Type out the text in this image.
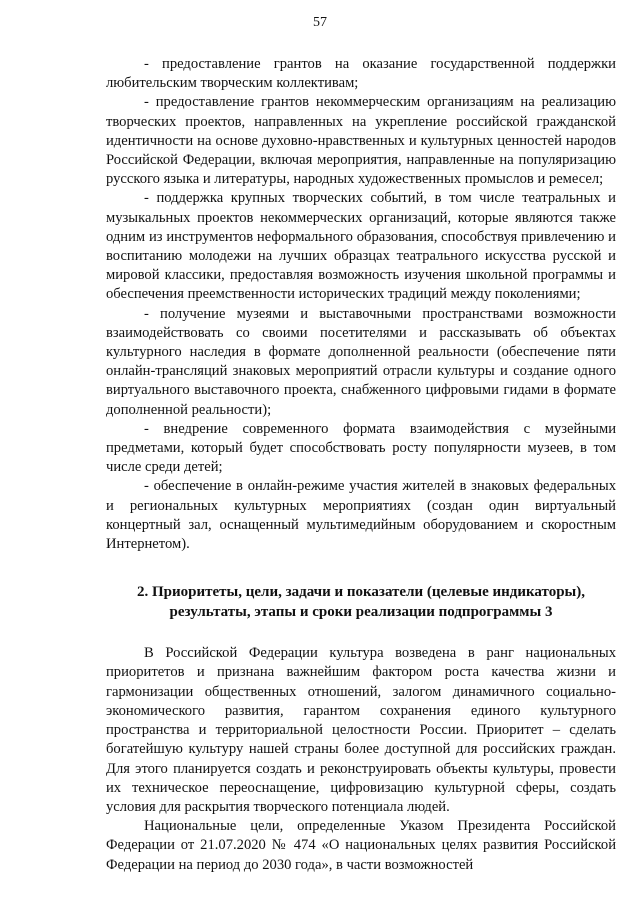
57

- предоставление грантов на оказание государственной поддержки любительским творческим коллективам;

- предоставление грантов некоммерческим организациям на реализацию творческих проектов, направленных на укрепление российской гражданской идентичности на основе духовно-нравственных и культурных ценностей народов Российской Федерации, включая мероприятия, направленные на популяризацию русского языка и литературы, народных художественных промыслов и ремесел;

- поддержка крупных творческих событий, в том числе театральных и музыкальных проектов некоммерческих организаций, которые являются также одним из инструментов неформального образования, способствуя привлечению и воспитанию молодежи на лучших образцах театрального искусства русской и мировой классики, предоставляя возможность изучения школьной программы и обеспечения преемственности исторических традиций между поколениями;

- получение музеями и выставочными пространствами возможности взаимодействовать со своими посетителями и рассказывать об объектах культурного наследия в формате дополненной реальности (обеспечение пяти онлайн-трансляций знаковых мероприятий отрасли культуры и создание одного виртуального выставочного проекта, снабженного цифровыми гидами в формате дополненной реальности);

- внедрение современного формата взаимодействия с музейными предметами, который будет способствовать росту популярности музеев, в том числе среди детей;

- обеспечение в онлайн-режиме участия жителей в знаковых федеральных и региональных культурных мероприятиях (создан один виртуальный концертный зал, оснащенный мультимедийным оборудованием и скоростным Интернетом).

2. Приоритеты, цели, задачи и показатели (целевые индикаторы),
результаты, этапы и сроки реализации подпрограммы 3

В Российской Федерации культура возведена в ранг национальных приоритетов и признана важнейшим фактором роста качества жизни и гармонизации общественных отношений, залогом динамичного социально-экономического развития, гарантом сохранения единого культурного пространства и территориальной целостности России. Приоритет – сделать богатейшую культуру нашей страны более доступной для российских граждан. Для этого планируется создать и реконструировать объекты культуры, провести их техническое переоснащение, цифровизацию культурной сферы, создать условия для раскрытия творческого потенциала людей.

Национальные цели, определенные Указом Президента Российской Федерации от 21.07.2020 № 474 «О национальных целях развития Российской Федерации на период до 2030 года», в части возможностей
